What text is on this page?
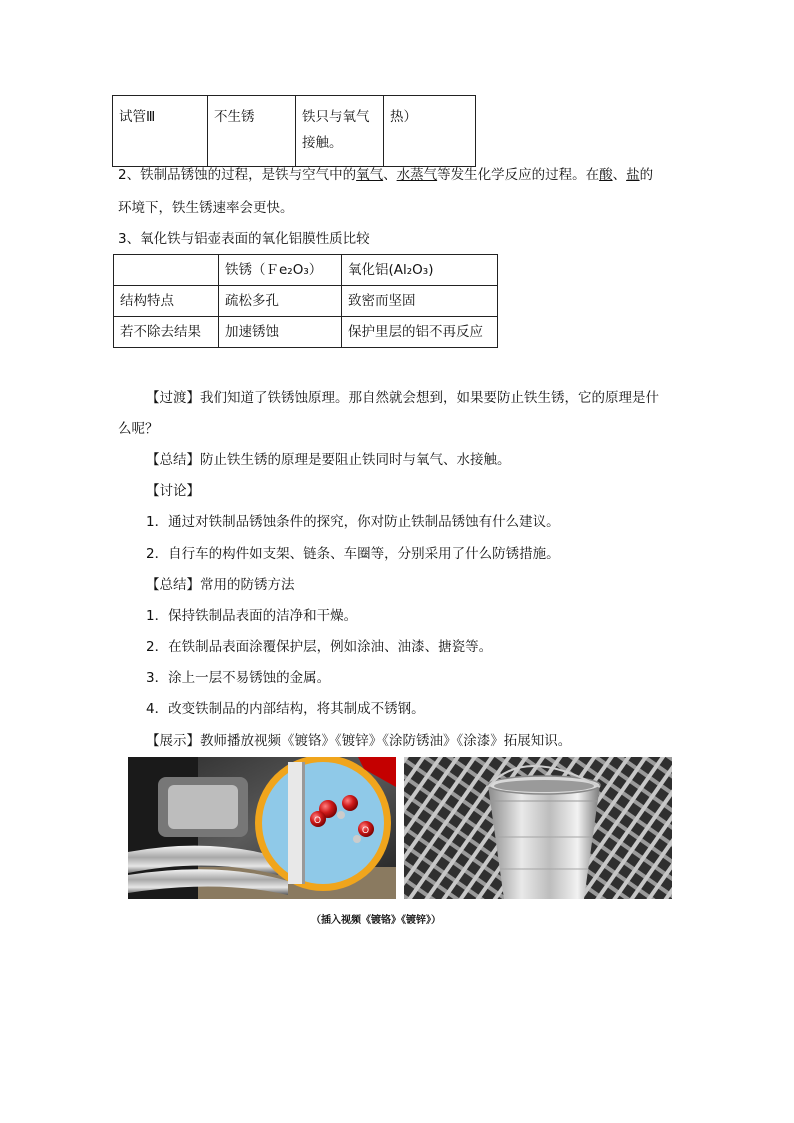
试管Ⅲ	不生锈	铁只与氧气接触。	热）
2、铁制品锈蚀的过程，是铁与空气中的氧气、水蒸气等发生化学反应的过程。在酸、盐的
环境下，铁生锈速率会更快。
3、氧化铁与铝壶表面的氧化铝膜性质比较
	铁锈（Ｆe₂O₃）	氧化铝(Al₂O₃)
结构特点	疏松多孔	致密而坚固
若不除去结果	加速锈蚀	保护里层的铝不再反应
【过渡】我们知道了铁锈蚀原理。那自然就会想到，如果要防止铁生锈，它的原理是什
么呢？
【总结】防止铁生锈的原理是要阻止铁同时与氧气、水接触。
【讨论】
1．通过对铁制品锈蚀条件的探究，你对防止铁制品锈蚀有什么建议。
2．自行车的构件如支架、链条、车圈等，分别采用了什么防锈措施。
【总结】常用的防锈方法
1．保持铁制品表面的洁净和干燥。
2．在铁制品表面涂覆保护层，例如涂油、油漆、搪瓷等。
3．涂上一层不易锈蚀的金属。
4．改变铁制品的内部结构，将其制成不锈钢。
【展示】教师播放视频《镀铬》《镀锌》《涂防锈油》《涂漆》拓展知识。
O
O
（插入视频《镀铬》《镀锌》）
